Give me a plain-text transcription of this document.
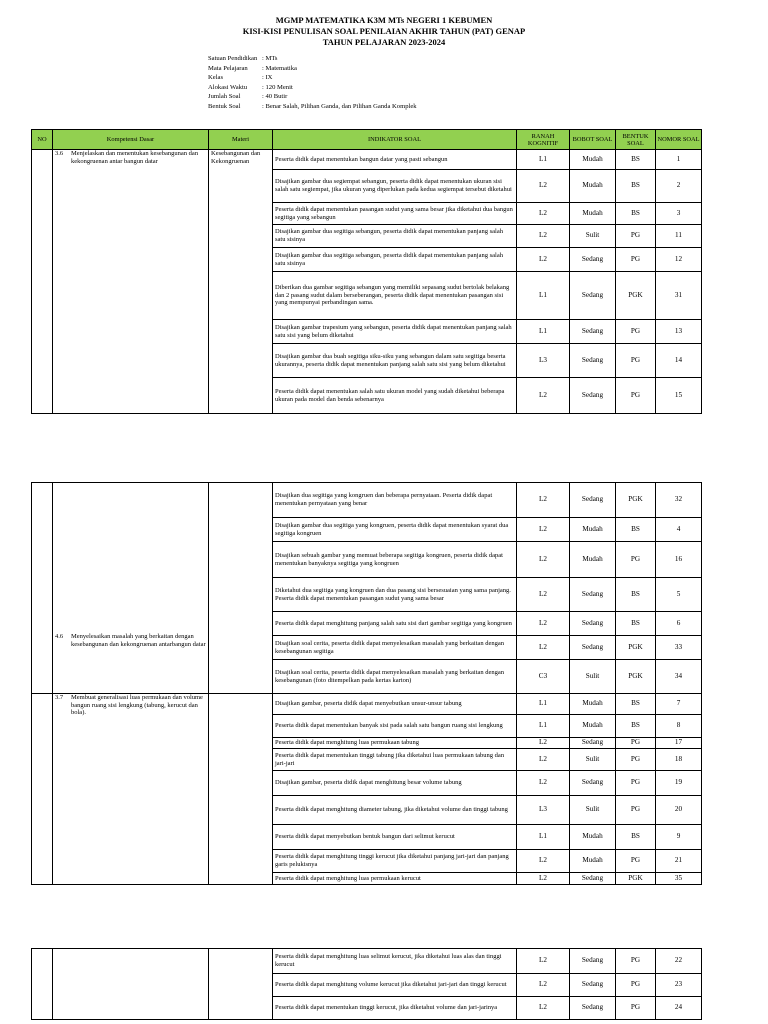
MGMP MATEMATIKA K3M MTs NEGERI 1 KEBUMEN
KISI-KISI PENULISAN SOAL PENILAIAN AKHIR TAHUN (PAT) GENAP
TAHUN PELAJARAN 2023-2024
Satuan Pendidikan : MTs
Mata Pelajaran : Matematika
Kelas	: IX
Alokasi Waktu : 120 Menit
Jumlah Soal	: 40 Butir
Bentuk Soal	: Benar Salah, Pilihan Ganda, dan Pilihan Ganda Komplek
NO	Kompetensi Dasar	Materi	INDIKATOR SOAL	RANAH KOGNITIF	BOBOT SOAL	BENTUK SOAL	NOMOR SOAL

	3.6 Menjelaskan dan menentukan kesebangunan dan kekongruenan antar bangun datar	Kesebangunan dan Kekongruenan	Peserta didik dapat menentukan bangun datar yang pasti sebangun	L1	Mudah	BS	1
			Disajikan gambar dua segiempat sebangun, peserta didik dapat menentukan ukuran sisi salah satu segiempat, jika ukuran yang diperlukan pada kedua segiempat tersebut diketahui	L2	Mudah	BS	2
			Peserta didik dapat menentukan pasangan sudut yang sama besar jika diketahui dua bangun segitiga yang sebangun	L2	Mudah	BS	3
			Disajikan gambar dua segitiga sebangun, peserta didik dapat menentukan panjang salah satu sisinya	L2	Sulit	PG	11
			Disajikan gambar dua segitiga sebangun, peserta didik dapat menentukan panjang salah satu sisinya	L2	Sedang	PG	12
			Diberikan dua gambar segitiga sebangun yang memiliki sepasang sudut bertolak belakang dan 2 pasang sudut dalam berseberangan, peserta didik dapat menentukan pasangan sisi yang mempunyai perbandingan sama.	L1	Sedang	PGK	31
			Disajikan gambar trapesium yang sebangun, peserta didik dapat menentukan panjang salah satu sisi yang belum diketahui	L1	Sedang	PG	13
			Disajikan gambar dua buah segitiga siku-siku yang sebangun dalam satu segitiga beserta ukurannya, peserta didik dapat menentukan panjang salah satu sisi yang belum diketahui	L3	Sedang	PG	14
			Peserta didik dapat menentukan salah satu ukuran model yang sudah diketahui beberapa ukuran pada model dan benda sebenarnya	L2	Sedang	PG	15

	4.6 Menyelesaikan masalah yang berkaitan dengan kesebangunan dan kekongruenan antarbangun datar		Disajikan dua segitiga yang kongruen dan beberapa pernyataan. Peserta didik dapat menentukan pernyataan yang benar	L2	Sedang	PGK	32
			Disajikan gambar dua segitiga yang kongruen, peserta didik dapat menentukan syarat dua segitiga kongruen	L2	Mudah	BS	4
			Disajikan sebuah gambar yang memuat beberapa segitiga kongruen, peserta didik dapat menentukan banyaknya segitiga yang kongruen	L2	Mudah	PG	16
			Diketahui dua segitiga yang kongruen dan dua pasang sisi bersesuaian yang sama panjang. Peserta didik dapat menentukan pasangan sudut yang sama besar	L2	Sedang	BS	5
			Peserta didik dapat menghitung panjang salah satu sisi dari gambar segitiga yang kongruen	L2	Sedang	BS	6
			Disajikan soal cerita, peserta didik dapat menyelesaikan masalah yang berkaitan dengan kesebangunan segitiga	L2	Sedang	PGK	33
			Disajikan soal cerita, peserta didik dapat menyelesaikan masalah yang berkaitan dengan kesebangunan (foto ditempelkan pada kertas karton)	C3	Sulit	PGK	34

	3.7 Membuat generalisasi luas permukaan dan volume bangun ruang sisi lengkung (tabung, kerucut dan bola).		Disajikan gambar, peserta didik dapat menyebutkan unsur-unsur tabung	L1	Mudah	BS	7
			Peserta didik dapat menentukan banyak sisi pada salah satu bangun ruang sisi lengkung	L1	Mudah	BS	8
			Peserta didik dapat menghitung luas permukaan tabung	L2	Sedang	PG	17
			Peserta didik dapat menentukan tinggi tabung jika diketahui luas permukaan tabung dan jari-jari	L2	Sulit	PG	18
			Disajikan gambar, peserta didik dapat menghitung besar volume tabung	L2	Sedang	PG	19
			Peserta didik dapat menghitung diameter tabung, jika diketahui volume dan tinggi tabung	L3	Sulit	PG	20
			Peserta didik dapat menyebutkan bentuk bangun dari selimut kerucut	L1	Mudah	BS	9
			Peserta didik dapat menghitung tinggi kerucut jika diketahui panjang jari-jari dan panjang garis pelukisnya	L2	Mudah	PG	21
			Peserta didik dapat menghitung luas permukaan kerucut	L2	Sedang	PGK	35
			Peserta didik dapat menghitung luas selimut kerucut, jika diketahui luas alas dan tinggi kerucut	L2	Sedang	PG	22
			Peserta didik dapat menghitung volume kerucut jika diketahui jari-jari dan tinggi kerucut	L2	Sedang	PG	23
			Peserta didik dapat menentukan tinggi kerucut, jika diketahui volume dan jari-jarinya	L2	Sedang	PG	24
